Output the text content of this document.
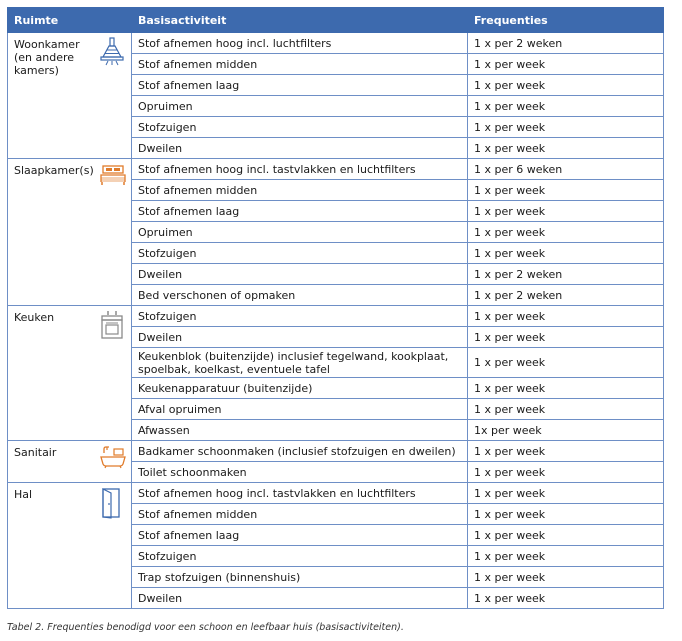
Ruimte	Basisactiviteit	Frequenties

Woonkamer (en andere kamers)	Stof afnemen hoog incl. luchtfilters	1 x per 2 weken
	Stof afnemen midden	1 x per week
	Stof afnemen laag	1 x per week
	Opruimen	1 x per week
	Stofzuigen	1 x per week
	Dweilen	1 x per week

Slaapkamer(s)	Stof afnemen hoog incl. tastvlakken en luchtfilters	1 x per 6 weken
	Stof afnemen midden	1 x per week
	Stof afnemen laag	1 x per week
	Opruimen	1 x per week
	Stofzuigen	1 x per week
	Dweilen	1 x per 2 weken
	Bed verschonen of opmaken	1 x per 2 weken

Keuken	Stofzuigen	1 x per week
	Dweilen	1 x per week
	Keukenblok (buitenzijde) inclusief tegelwand, kookplaat, spoelbak, koelkast, eventuele tafel	1 x per week
	Keukenapparatuur (buitenzijde)	1 x per week
	Afval opruimen	1 x per week
	Afwassen	1x per week

Sanitair	Badkamer schoonmaken (inclusief stofzuigen en dweilen)	1 x per week
	Toilet schoonmaken	1 x per week

Hal	Stof afnemen hoog incl. tastvlakken en luchtfilters	1 x per week
	Stof afnemen midden	1 x per week
	Stof afnemen laag	1 x per week
	Stofzuigen	1 x per week
	Trap stofzuigen (binnenshuis)	1 x per week
	Dweilen	1 x per week
Tabel 2. Frequenties benodigd voor een schoon en leefbaar huis (basisactiviteiten).
